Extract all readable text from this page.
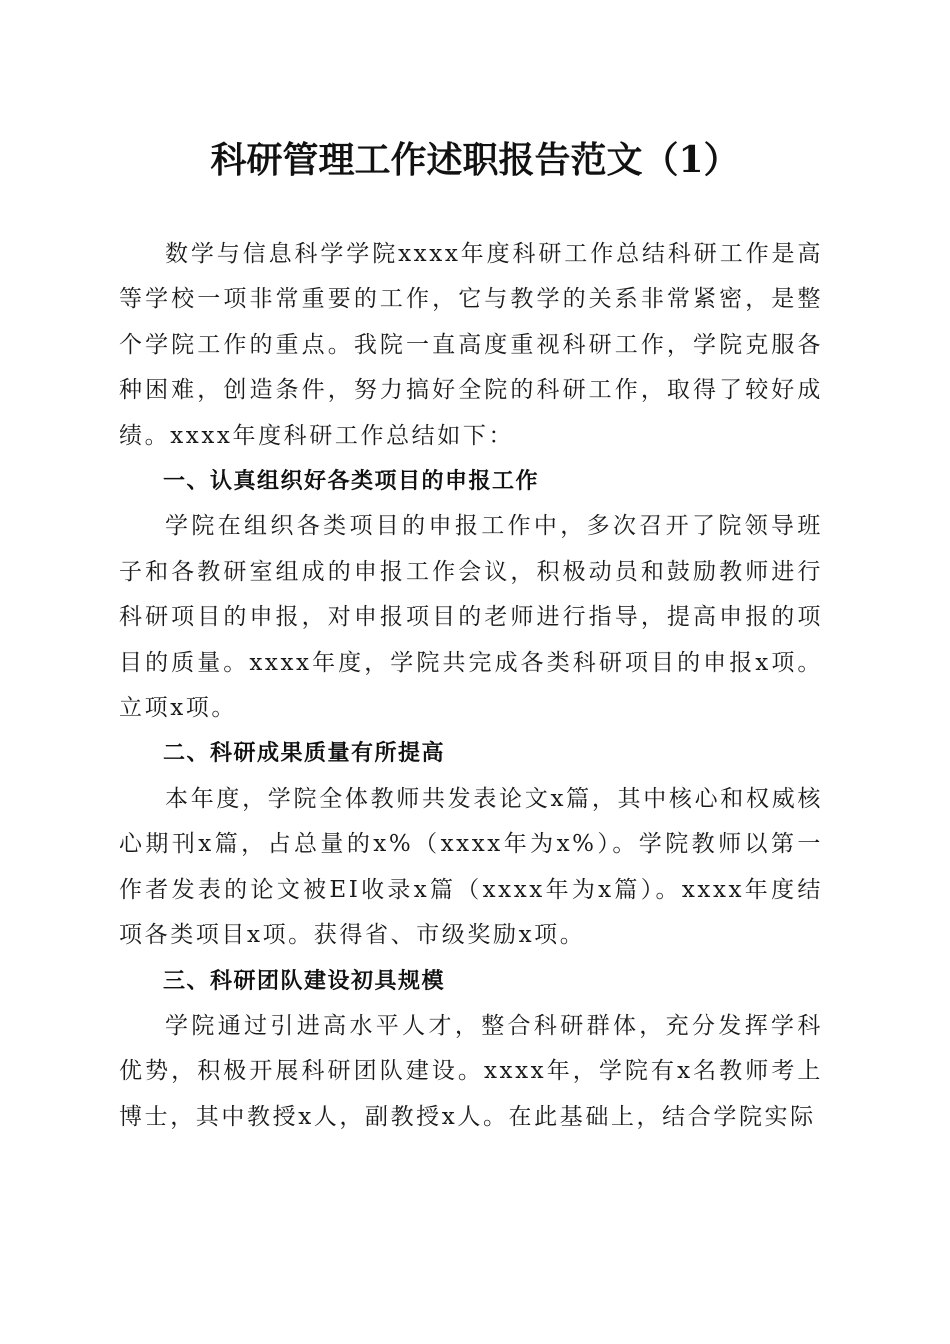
科研管理工作述职报告范文（1）

数学与信息科学学院xxxx年度科研工作总结科研工作是高等学校一项非常重要的工作，它与教学的关系非常紧密，是整个学院工作的重点。我院一直高度重视科研工作，学院克服各种困难，创造条件，努力搞好全院的科研工作，取得了较好成绩。xxxx年度科研工作总结如下：

一、认真组织好各类项目的申报工作

学院在组织各类项目的申报工作中，多次召开了院领导班子和各教研室组成的申报工作会议，积极动员和鼓励教师进行科研项目的申报，对申报项目的老师进行指导，提高申报的项目的质量。xxxx年度，学院共完成各类科研项目的申报x项。立项x项。

二、科研成果质量有所提高

本年度，学院全体教师共发表论文x篇，其中核心和权威核心期刊x篇，占总量的x%（xxxx年为x%）。学院教师以第一作者发表的论文被EI收录x篇（xxxx年为x篇）。xxxx年度结项各类项目x项。获得省、市级奖励x项。

三、科研团队建设初具规模

学院通过引进高水平人才，整合科研群体，充分发挥学科优势，积极开展科研团队建设。xxxx年，学院有x名教师考上博士，其中教授x人，副教授x人。在此基础上，结合学院实际
